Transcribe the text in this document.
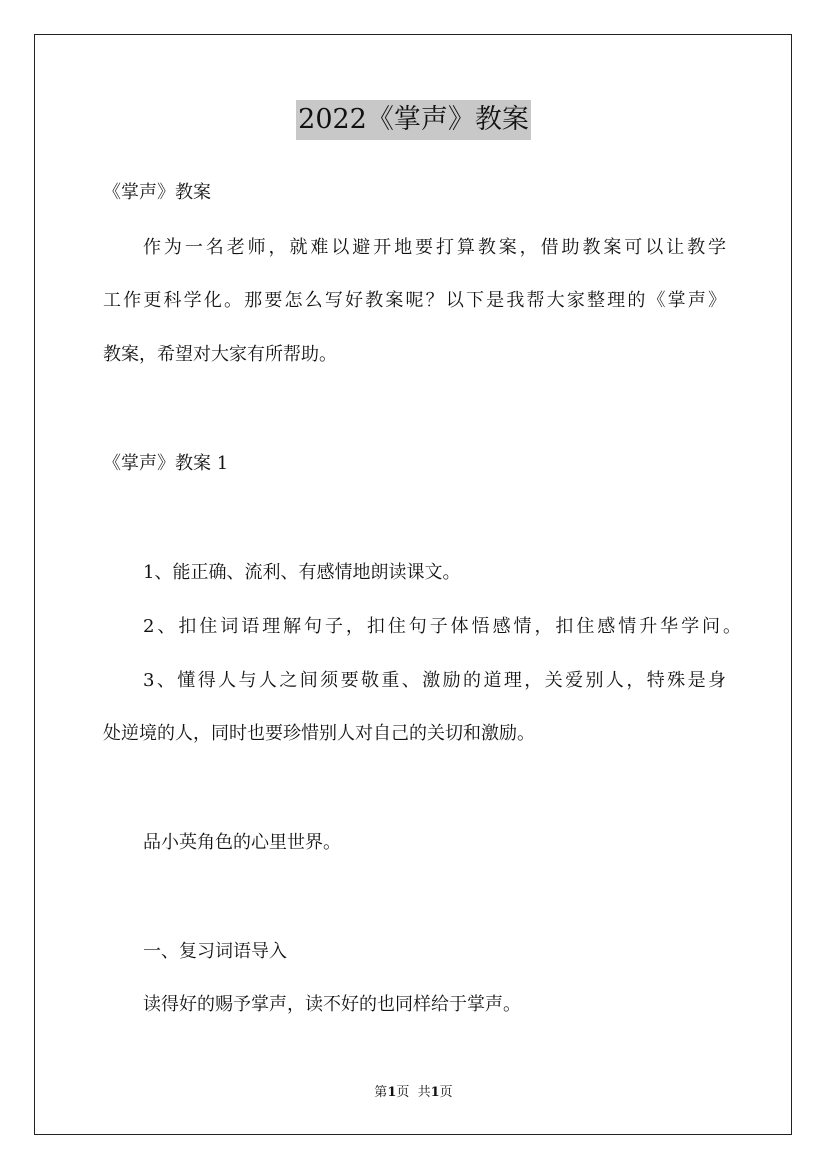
2022《掌声》教案
《掌声》教案
作为一名老师，就难以避开地要打算教案，借助教案可以让教学
工作更科学化。那要怎么写好教案呢？以下是我帮大家整理的《掌声》
教案，希望对大家有所帮助。
《掌声》教案 1
1、能正确、流利、有感情地朗读课文。
2、扣住词语理解句子，扣住句子体悟感情，扣住感情升华学问。
3、懂得人与人之间须要敬重、激励的道理，关爱别人，特殊是身
处逆境的人，同时也要珍惜别人对自己的关切和激励。
品小英角色的心里世界。
一、复习词语导入
读得好的赐予掌声，读不好的也同样给于掌声。
第1页  共1页
